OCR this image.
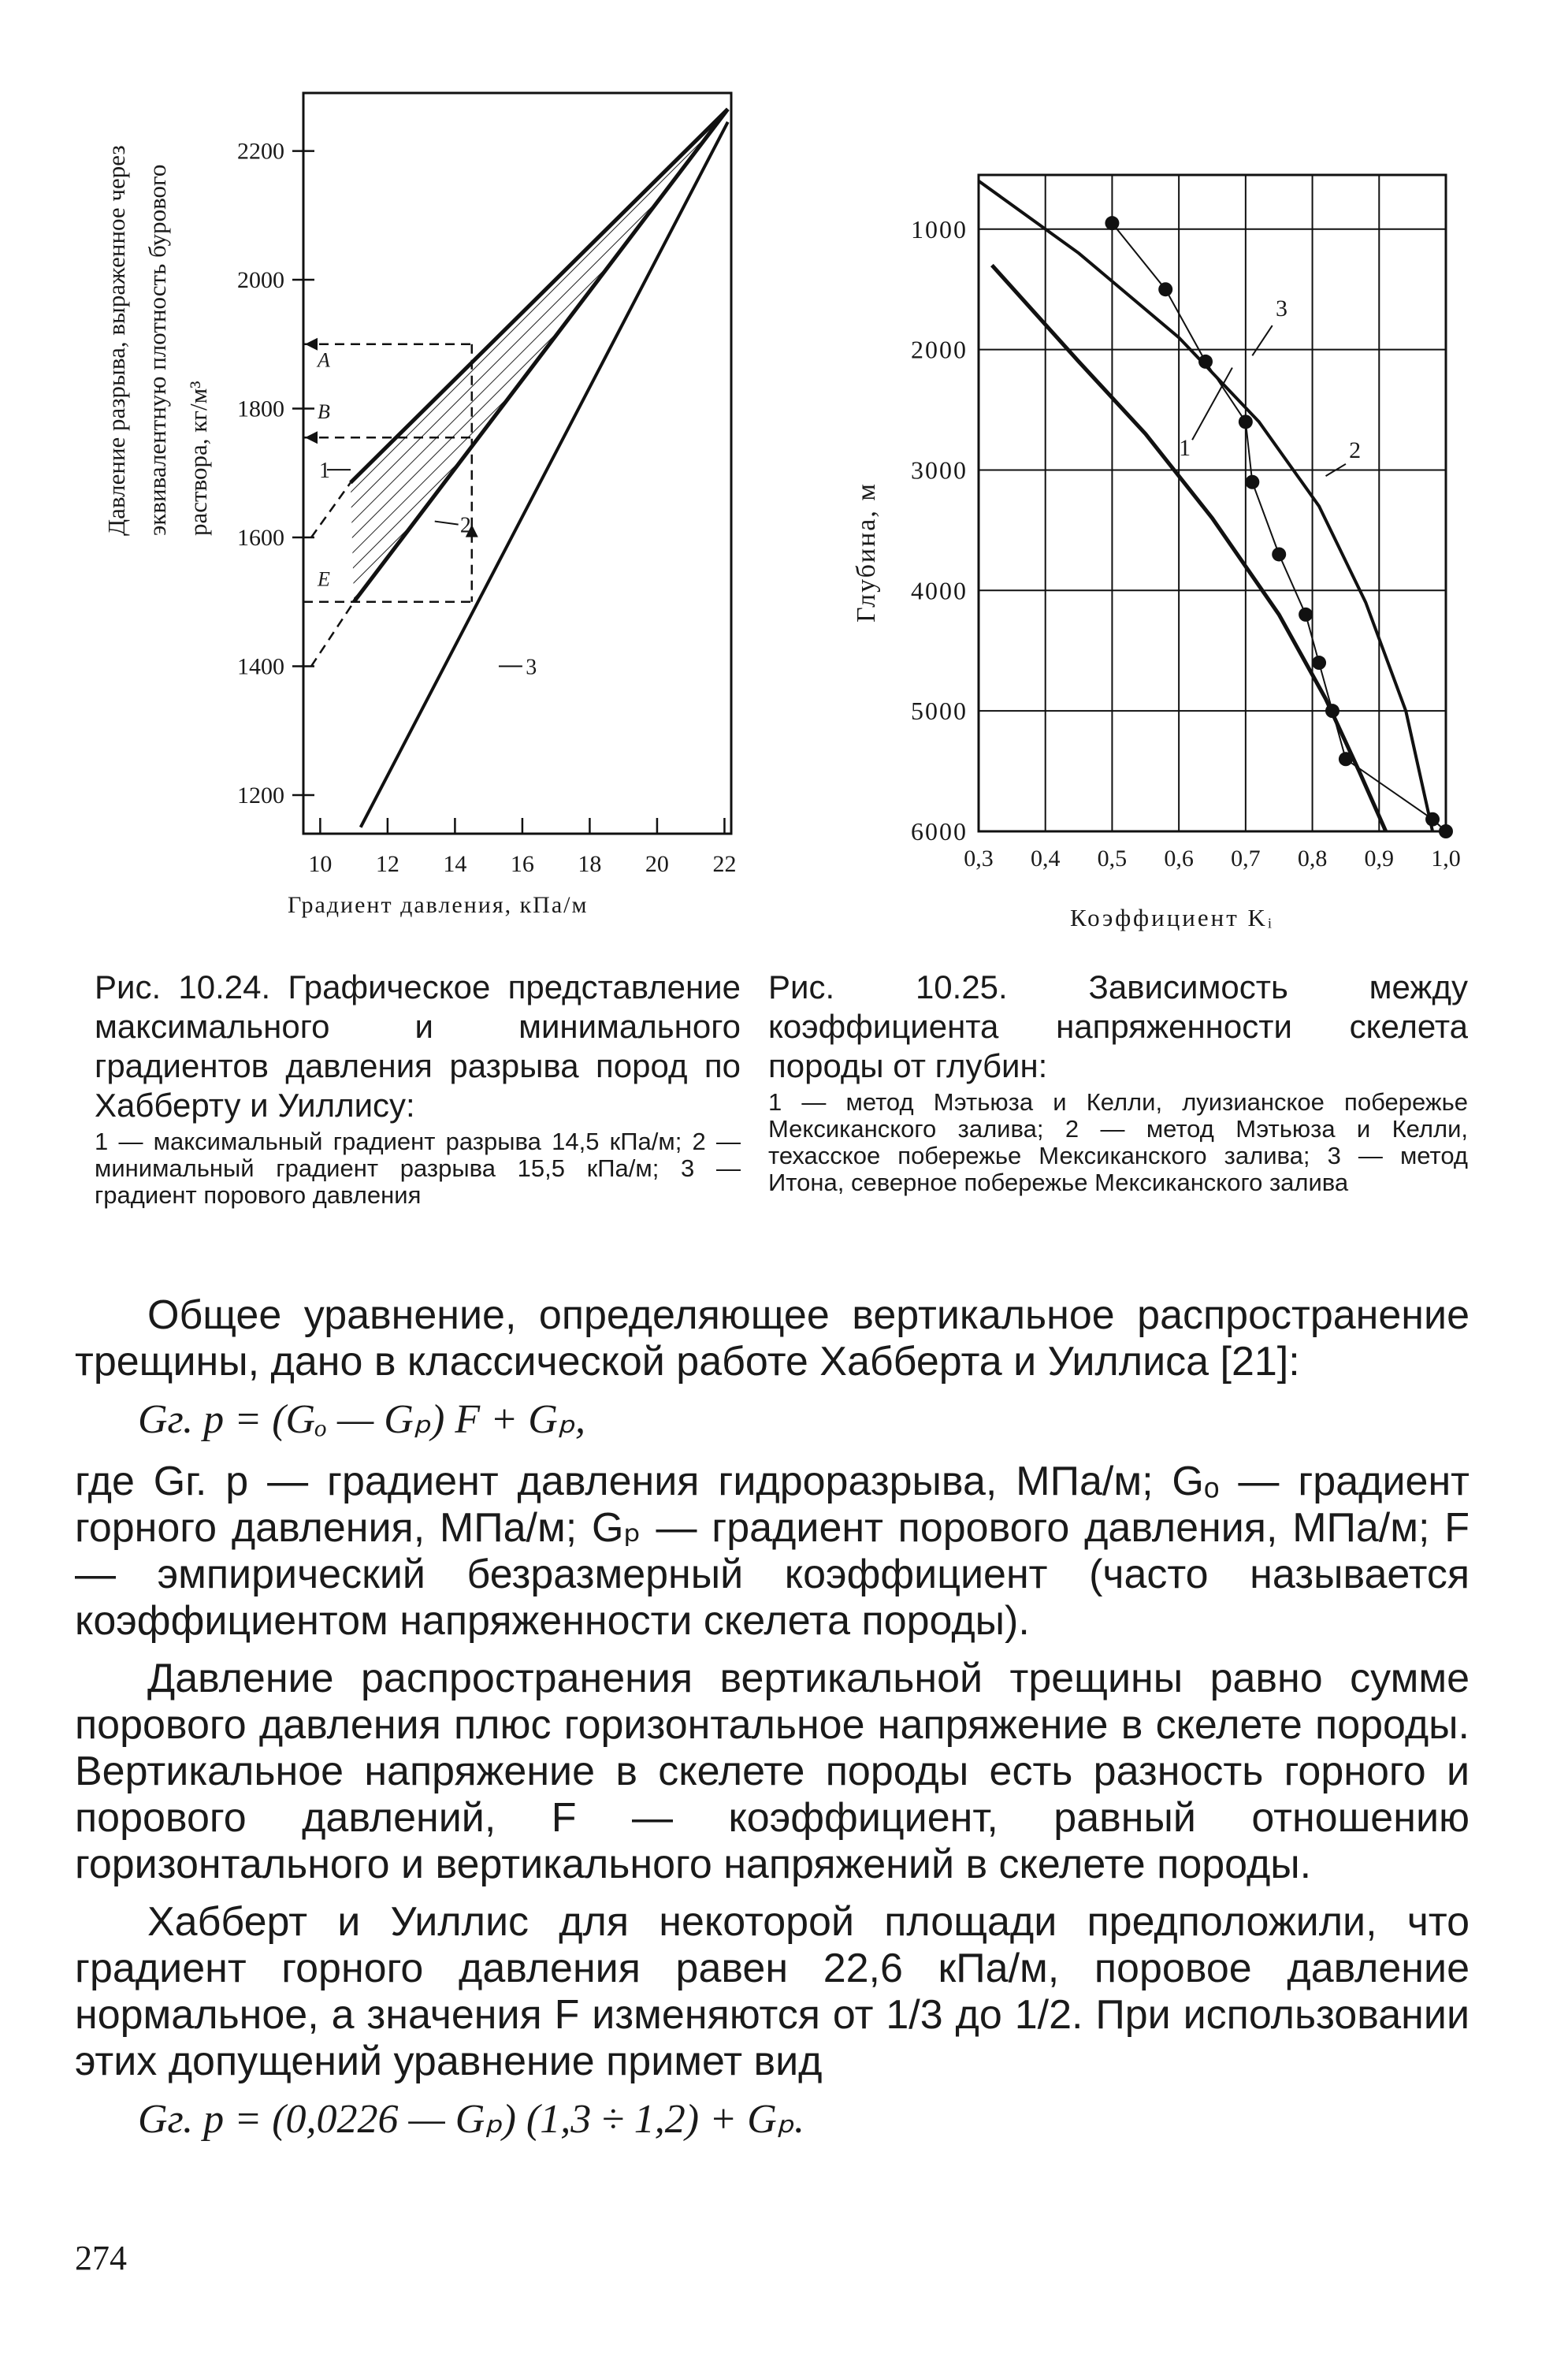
Давление разрыва, выраженное через эквивалентную плотность бурового раствора, кг/м³
1200
1400
1600
1800
2000
2200
10 12 14 16 18 20 22
A
B
E
1
2
3
Градиент давления, кПа/м
Глубина, м
0,3 0,4 0,5 0,6 0,7 0,8 0,9 1,0
1000
2000
3000
4000
5000
6000
1	2
3
Коэффициент Kᵢ
Рис. 10.24. Графическое представление максимального и минимального градиентов давления разрыва пород по Хабберту и Уиллису:
1 — максимальный градиент разрыва 14,5 кПа/м; 2 — минимальный градиент разрыва 15,5 кПа/м; 3 — градиент порового давления
Рис. 10.25. Зависимость между коэффициента напряженности скелета породы от глубин:
1 — метод Мэтьюза и Келли, луизианское побережье Мексиканского залива; 2 — метод Мэтьюза и Келли, техасское побережье Мексиканского залива; 3 — метод Итона, северное побережье Мексиканского залива

Общее уравнение, определяющее вертикальное распространение трещины, дано в классической работе Хабберта и Уиллиса [21]:

Gг. р = (Gₒ — Gₚ) F + Gₚ,

где Gг. р — градиент давления гидроразрыва, МПа/м; Gₒ — градиент горного давления, МПа/м; Gₚ — градиент порового давления, МПа/м; F — эмпирический безразмерный коэффициент (часто называется коэффициентом напряженности скелета породы).

Давление распространения вертикальной трещины равно сумме порового давления плюс горизонтальное напряжение в скелете породы. Вертикальное напряжение в скелете породы есть разность горного и порового давлений, F — коэффициент, равный отношению горизонтального и вертикального напряжений в скелете породы.

Хабберт и Уиллис для некоторой площади предположили, что градиент горного давления равен 22,6 кПа/м, поровое давление нормальное, а значения F изменяются от 1/3 до 1/2. При использовании этих допущений уравнение примет вид

Gг. р = (0,0226 — Gₚ) (1,3 ÷ 1,2) + Gₚ.
274
